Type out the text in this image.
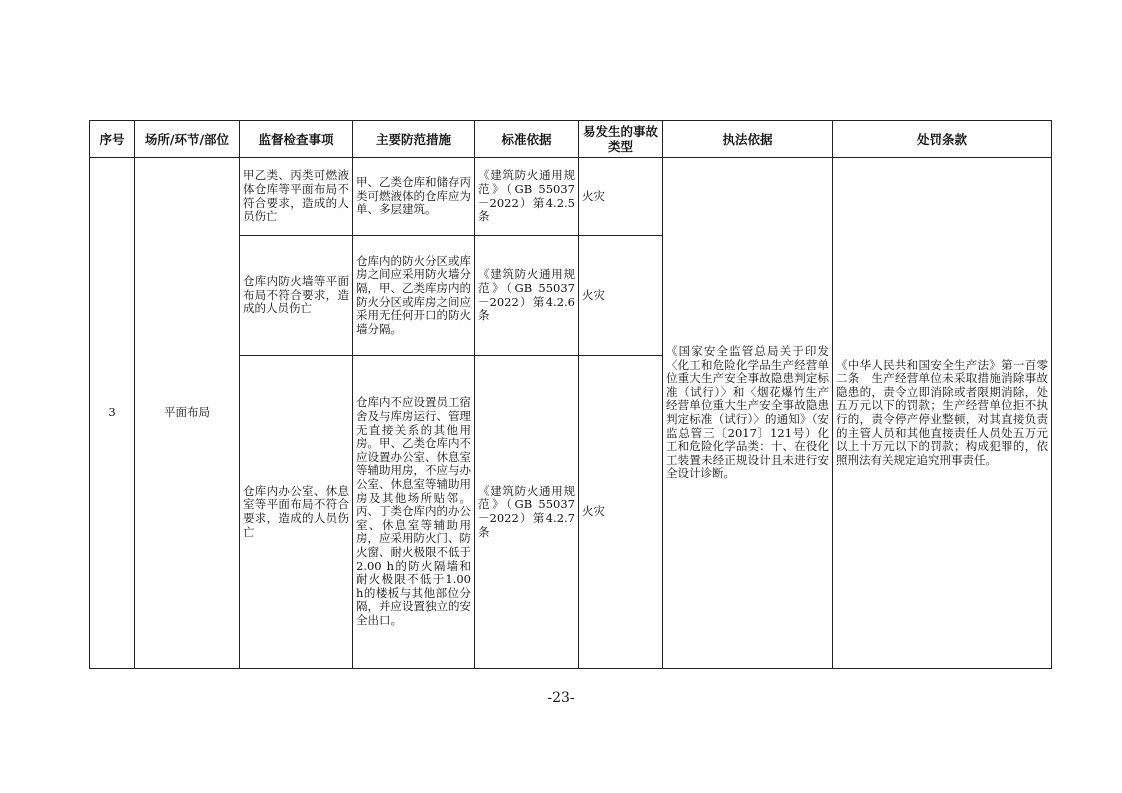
序号	场所/环节/部位	监督检查事项	主要防范措施	标准依据	易发生的事故类型	执法依据	处罚条款
3	平面布局	甲乙类、丙类可燃液体仓库等平面布局不符合要求，造成的人员伤亡	甲、乙类仓库和储存丙类可燃液体的仓库应为单、多层建筑。	《建筑防火通用规范》（GB 55037－2022）第4.2.5条	火灾	《国家安全监管总局关于印发〈化工和危险化学品生产经营单位重大生产安全事故隐患判定标准（试行）〉和〈烟花爆竹生产经营单位重大生产安全事故隐患判定标准（试行）〉的通知》（安监总管三〔2017〕121号）化工和危险化学品类：十、在役化工装置未经正规设计且未进行安全设计诊断。	《中华人民共和国安全生产法》第一百零二条　生产经营单位未采取措施消除事故隐患的，责令立即消除或者限期消除，处五万元以下的罚款；生产经营单位拒不执行的，责令停产停业整顿，对其直接负责的主管人员和其他直接责任人员处五万元以上十万元以下的罚款；构成犯罪的，依照刑法有关规定追究刑事责任。
		仓库内防火墙等平面布局不符合要求，造成的人员伤亡	仓库内的防火分区或库房之间应采用防火墙分隔，甲、乙类库房内的防火分区或库房之间应采用无任何开口的防火墙分隔。	《建筑防火通用规范》（GB 55037－2022）第4.2.6条	火灾		
		仓库内办公室、休息室等平面布局不符合要求，造成的人员伤亡	仓库内不应设置员工宿舍及与库房运行、管理无直接关系的其他用房。甲、乙类仓库内不应设置办公室、休息室等辅助用房，不应与办公室、休息室等辅助用房及其他场所贴邻。丙、丁类仓库内的办公室、休息室等辅助用房，应采用防火门、防火窗、耐火极限不低于2.00 h的防火隔墙和耐火极限不低于1.00 h的楼板与其他部位分隔，并应设置独立的安全出口。	《建筑防火通用规范》（GB 55037－2022）第4.2.7条	火灾		
-23-
